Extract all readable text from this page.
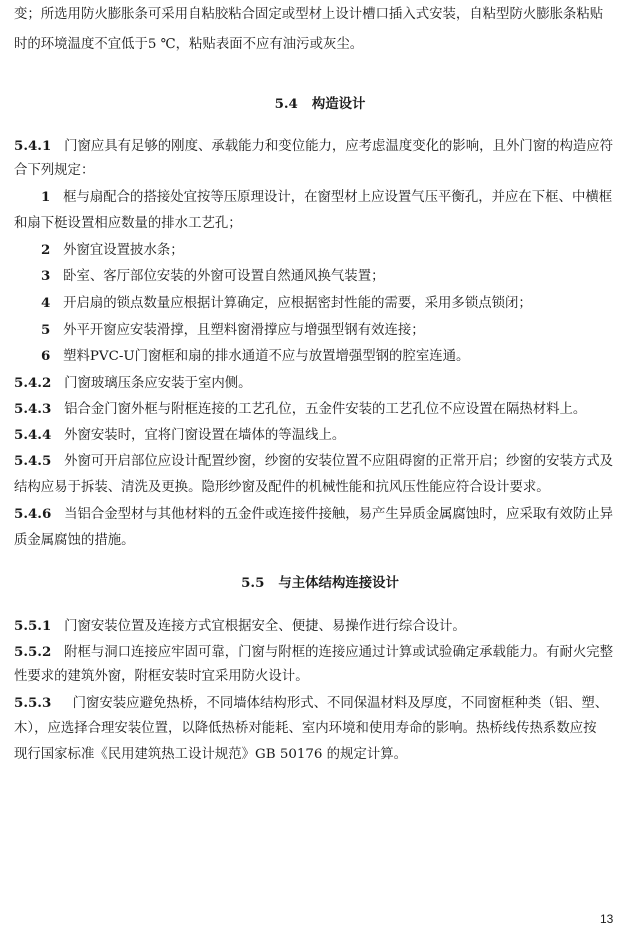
变；所选用防火膨胀条可采用自粘胶粘合固定或型材上设计槽口插入式安装，自粘型防火膨胀条粘贴
时的环境温度不宜低于5 ℃，粘贴表面不应有油污或灰尘。
5.4 构造设计
5.4.1 门窗应具有足够的刚度、承载能力和变位能力，应考虑温度变化的影响，且外门窗的构造应符
合下列规定：
1 框与扇配合的搭接处宜按等压原理设计，在窗型材上应设置气压平衡孔，并应在下框、中横框
和扇下梃设置相应数量的排水工艺孔；
2 外窗宜设置披水条；
3 卧室、客厅部位安装的外窗可设置自然通风换气装置；
4 开启扇的锁点数量应根据计算确定，应根据密封性能的需要，采用多锁点锁闭；
5 外平开窗应安装滑撑，且塑料窗滑撑应与增强型钢有效连接；
6 塑料PVC-U门窗框和扇的排水通道不应与放置增强型钢的腔室连通。
5.4.2 门窗玻璃压条应安装于室内侧。
5.4.3 铝合金门窗外框与附框连接的工艺孔位，五金件安装的工艺孔位不应设置在隔热材料上。
5.4.4 外窗安装时，宜将门窗设置在墙体的等温线上。
5.4.5 外窗可开启部位应设计配置纱窗，纱窗的安装位置不应阻碍窗的正常开启；纱窗的安装方式及
结构应易于拆装、清洗及更换。隐形纱窗及配件的机械性能和抗风压性能应符合设计要求。
5.4.6 当铝合金型材与其他材料的五金件或连接件接触，易产生异质金属腐蚀时，应采取有效防止异
质金属腐蚀的措施。
5.5 与主体结构连接设计
5.5.1 门窗安装位置及连接方式宜根据安全、便捷、易操作进行综合设计。
5.5.2 附框与洞口连接应牢固可靠，门窗与附框的连接应通过计算或试验确定承载能力。有耐火完整
性要求的建筑外窗，附框安装时宜采用防火设计。
5.5.3 门窗安装应避免热桥，不同墙体结构形式、不同保温材料及厚度，不同窗框种类（铝、塑、
木），应选择合理安装位置，以降低热桥对能耗、室内环境和使用寿命的影响。热桥线传热系数应按
现行国家标准《民用建筑热工设计规范》GB 50176 的规定计算。
13
